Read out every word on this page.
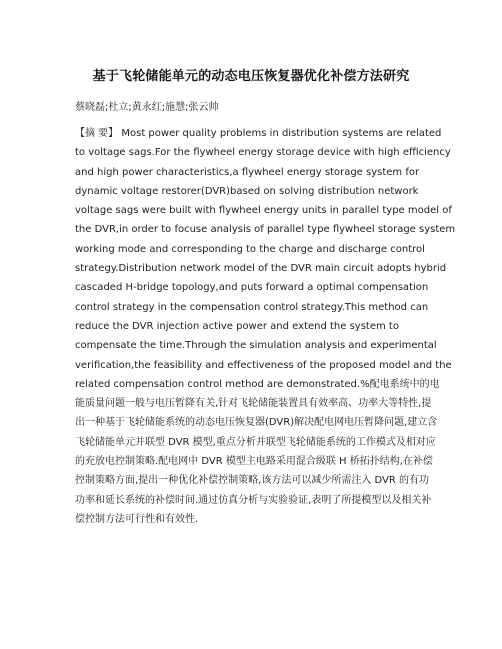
基于飞轮储能单元的动态电压恢复器优化补偿方法研究
蔡晓磊;杜立;黄永红;施慧;张云帅
【摘 要】 Most power quality problems in distribution systems are related
to voltage sags.For the flywheel energy storage device with high efficiency
and high power characteristics,a flywheel energy storage system for
dynamic voltage restorer(DVR)based on solving distribution network
voltage sags were built with flywheel energy units in parallel type model of
the DVR,in order to focuse analysis of parallel type flywheel storage system
working mode and corresponding to the charge and discharge control
strategy.Distribution network model of the DVR main circuit adopts hybrid
cascaded H-bridge topology,and puts forward a optimal compensation
control strategy in the compensation control strategy.This method can
reduce the DVR injection active power and extend the system to
compensate the time.Through the simulation analysis and experimental
verification,the feasibility and effectiveness of the proposed model and the
related compensation control method are demonstrated.%配电系统中的电
能质量问题一般与电压暂降有关,针对飞轮储能装置具有效率高、功率大等特性,提
出一种基于飞轮储能系统的动态电压恢复器(DVR)解决配电网电压暂降问题,建立含
飞轮储能单元并联型 DVR 模型,重点分析并联型飞轮储能系统的工作模式及相对应
的充放电控制策略.配电网中 DVR 模型主电路采用混合级联 H 桥拓扑结构,在补偿
控制策略方面,提出一种优化补偿控制策略,该方法可以减少所需注入 DVR 的有功
功率和延长系统的补偿时间.通过仿真分析与实验验证,表明了所提模型以及相关补
偿控制方法可行性和有效性.
